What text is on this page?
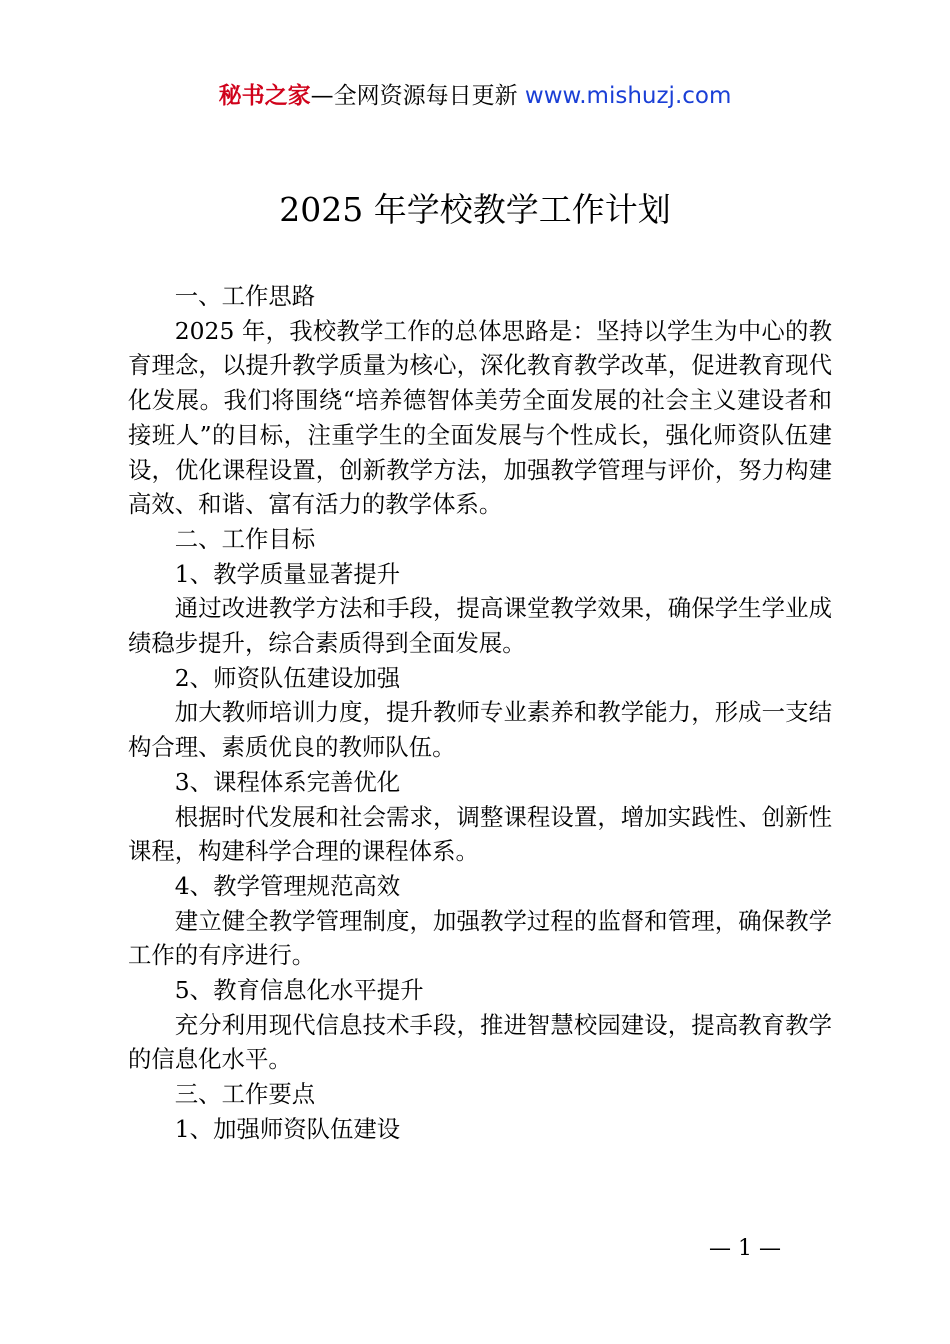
秘书之家—全网资源每日更新 www.mishuzj.com
2025 年学校教学工作计划

一、工作思路

2025 年，我校教学工作的总体思路是：坚持以学生为中心的教育理念，以提升教学质量为核心，深化教育教学改革，促进教育现代化发展。我们将围绕“培养德智体美劳全面发展的社会主义建设者和接班人”的目标，注重学生的全面发展与个性成长，强化师资队伍建设，优化课程设置，创新教学方法，加强教学管理与评价，努力构建高效、和谐、富有活力的教学体系。

二、工作目标

1、教学质量显著提升

通过改进教学方法和手段，提高课堂教学效果，确保学生学业成绩稳步提升，综合素质得到全面发展。

2、师资队伍建设加强

加大教师培训力度，提升教师专业素养和教学能力，形成一支结构合理、素质优良的教师队伍。

3、课程体系完善优化

根据时代发展和社会需求，调整课程设置，增加实践性、创新性课程，构建科学合理的课程体系。

4、教学管理规范高效

建立健全教学管理制度，加强教学过程的监督和管理，确保教学工作的有序进行。

5、教育信息化水平提升

充分利用现代信息技术手段，推进智慧校园建设，提高教育教学的信息化水平。

三、工作要点

1、加强师资队伍建设

— 1 —
